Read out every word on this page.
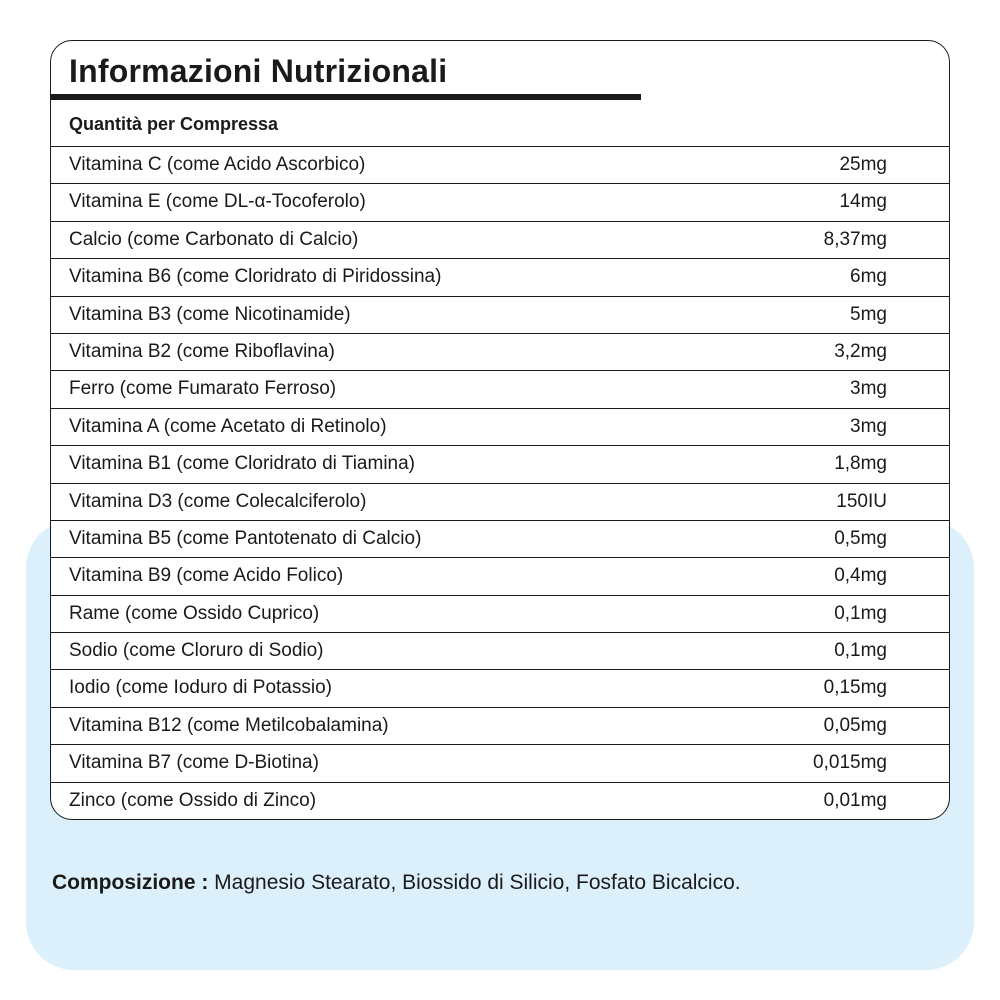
Informazioni Nutrizionali
Quantità per Compressa
Vitamina C (come Acido Ascorbico)	25mg
Vitamina E (come DL-α-Tocoferolo)	14mg
Calcio (come Carbonato di Calcio)	8,37mg
Vitamina B6 (come Cloridrato di Piridossina)	6mg
Vitamina B3 (come Nicotinamide)	5mg
Vitamina B2 (come Riboflavina)	3,2mg
Ferro (come Fumarato Ferroso)	3mg
Vitamina A (come Acetato di Retinolo)	3mg
Vitamina B1 (come Cloridrato di Tiamina)	1,8mg
Vitamina D3 (come Colecalciferolo)	150IU
Vitamina B5 (come Pantotenato di Calcio)	0,5mg
Vitamina B9 (come Acido Folico)	0,4mg
Rame (come Ossido Cuprico)	0,1mg
Sodio (come Cloruro di Sodio)	0,1mg
Iodio (come Ioduro di Potassio)	0,15mg
Vitamina B12 (come Metilcobalamina)	0,05mg
Vitamina B7 (come D-Biotina)	0,015mg
Zinco (come Ossido di Zinco)	0,01mg
Composizione : Magnesio Stearato, Biossido di Silicio, Fosfato Bicalcico.
